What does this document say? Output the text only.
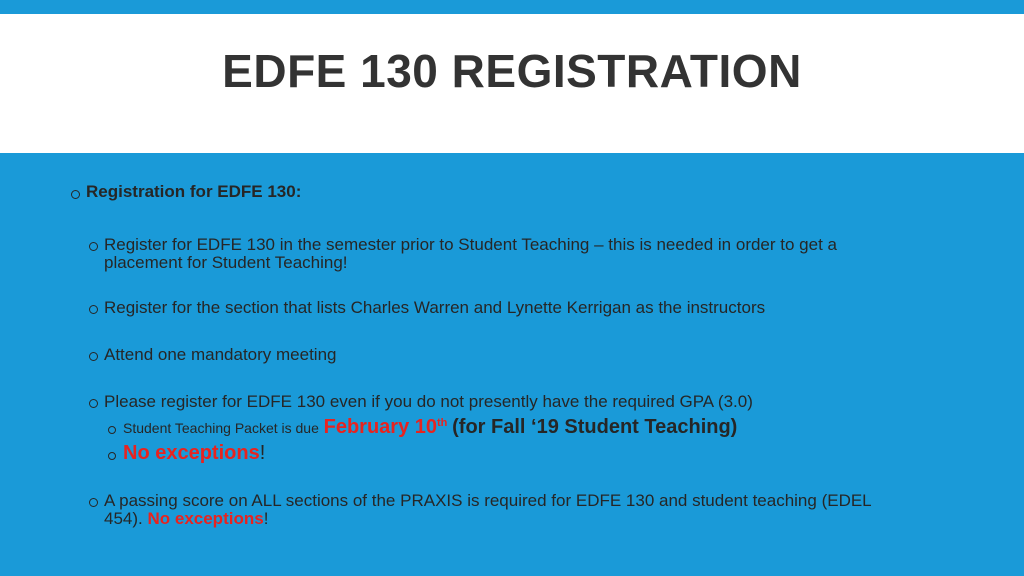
EDFE 130 REGISTRATION
Registration for EDFE 130:
Register for EDFE 130 in the semester prior to Student Teaching – this is needed in order to get a placement for Student Teaching!
Register for the section that lists Charles Warren and Lynette Kerrigan as the instructors
Attend one mandatory meeting
Please register for EDFE 130 even if you do not presently have the required GPA (3.0)
Student Teaching Packet is due February 10th (for Fall ‘19 Student Teaching)
No exceptions!
A passing score on ALL sections of the PRAXIS is required for EDFE 130 and student teaching (EDEL 454). No exceptions!
